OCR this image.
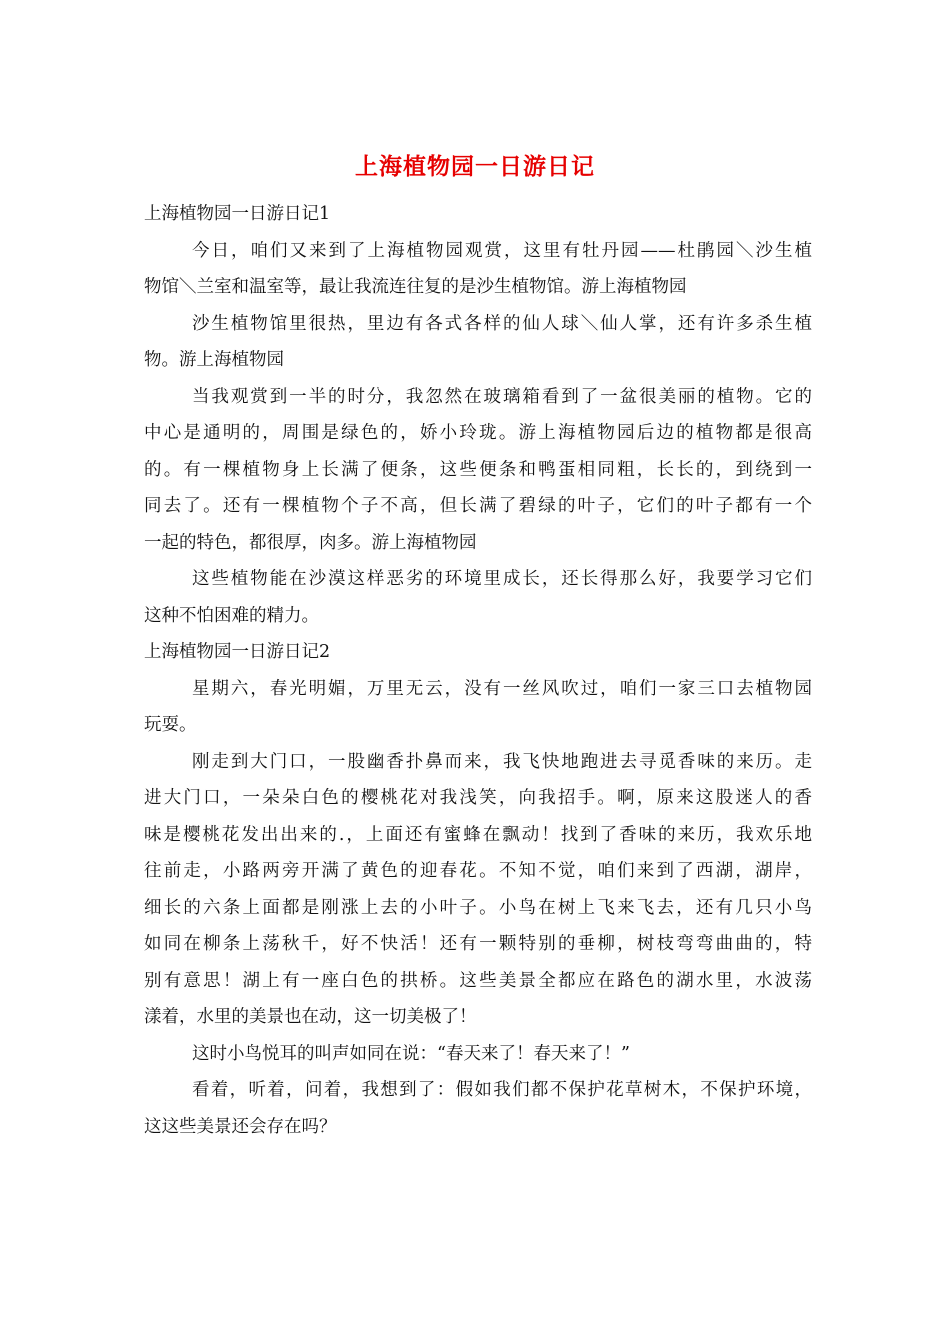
上海植物园一日游日记
上海植物园一日游日记1
今日，咱们又来到了上海植物园观赏，这里有牡丹园——杜鹃园＼沙生植
物馆＼兰室和温室等，最让我流连往复的是沙生植物馆。游上海植物园
沙生植物馆里很热，里边有各式各样的仙人球＼仙人掌，还有许多杀生植
物。游上海植物园
当我观赏到一半的时分，我忽然在玻璃箱看到了一盆很美丽的植物。它的
中心是通明的，周围是绿色的，娇小玲珑。游上海植物园后边的植物都是很高
的。有一棵植物身上长满了便条，这些便条和鸭蛋相同粗，长长的，到绕到一
同去了。还有一棵植物个子不高，但长满了碧绿的叶子，它们的叶子都有一个
一起的特色，都很厚，肉多。游上海植物园
这些植物能在沙漠这样恶劣的环境里成长，还长得那么好，我要学习它们
这种不怕困难的精力。
上海植物园一日游日记2
星期六，春光明媚，万里无云，没有一丝风吹过，咱们一家三口去植物园
玩耍。
刚走到大门口，一股幽香扑鼻而来，我飞快地跑进去寻觅香味的来历。走
进大门口，一朵朵白色的樱桃花对我浅笑，向我招手。啊，原来这股迷人的香
味是樱桃花发出出来的.，上面还有蜜蜂在飘动！找到了香味的来历，我欢乐地
往前走，小路两旁开满了黄色的迎春花。不知不觉，咱们来到了西湖，湖岸，
细长的六条上面都是刚涨上去的小叶子。小鸟在树上飞来飞去，还有几只小鸟
如同在柳条上荡秋千，好不快活！还有一颗特别的垂柳，树枝弯弯曲曲的，特
别有意思！湖上有一座白色的拱桥。这些美景全都应在路色的湖水里，水波荡
漾着，水里的美景也在动，这一切美极了！
这时小鸟悦耳的叫声如同在说：“春天来了！春天来了！”
看着，听着，问着，我想到了：假如我们都不保护花草树木，不保护环境，
这这些美景还会存在吗？
